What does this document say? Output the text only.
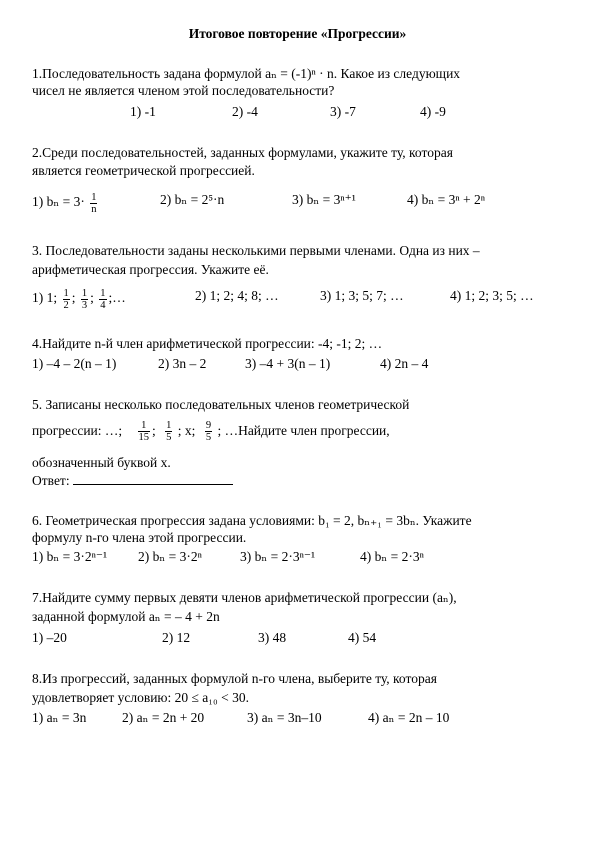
Итоговое повторение «Прогрессии»
1.Последовательность задана формулой aₙ = (-1)ⁿ · n. Какое из следующих
чисел не является членом этой последовательности?
1) -1	2) -4	3) -7	4) -9
2.Среди последовательностей, заданных формулами, укажите ту, которая
является геометрической прогрессией.
1) $b_n = 3\cdot \frac{1}{n}$	2) bₙ = 2⁵·n	3) bₙ = 3ⁿ⁺¹	4) bₙ = 3ⁿ + 2ⁿ
3. Последовательности заданы несколькими первыми членами. Одна из них –
арифметическая прогрессия. Укажите её.
1) 1; $\frac{1}{2}$ ; $\frac{1}{3}$ ; $\frac{1}{4}$ ;…	2) 1; 2; 4; 8; …	3) 1; 3; 5; 7; …	4) 1; 2; 3; 5; …
4.Найдите n-й член арифметической прогрессии: -4; -1; 2; …
1) –4 – 2(n – 1)	2) 3n – 2	3) –4 + 3(n – 1)	4) 2n – 4
5. Записаны несколько последовательных членов геометрической
прогрессии: …; $\frac{1}{15}$ ; $\frac{1}{5}$ ; x; $\frac{9}{5}$ ; …Найдите член прогрессии,
обозначенный буквой x.
Ответ:
6. Геометрическая прогрессия задана условиями: b₁ = 2, bₙ₊₁ = 3bₙ. Укажите
формулу n-го члена этой прогрессии.
1) bₙ = 3·2ⁿ⁻¹ 2) bₙ = 3·2ⁿ	3) bₙ = 2·3ⁿ⁻¹	4) bₙ = 2·3ⁿ
7.Найдите сумму первых девяти членов арифметической прогрессии (aₙ),
заданной формулой aₙ = – 4 + 2n
1) –20	2) 12	3) 48	4) 54
8.Из прогрессий, заданных формулой n-го члена, выберите ту, которая
удовлетворяет условию: 20 ≤ a₁₀ < 30.
1) aₙ = 3n	2) aₙ = 2n + 20	3) aₙ = 3n–10	4) aₙ = 2n – 10
